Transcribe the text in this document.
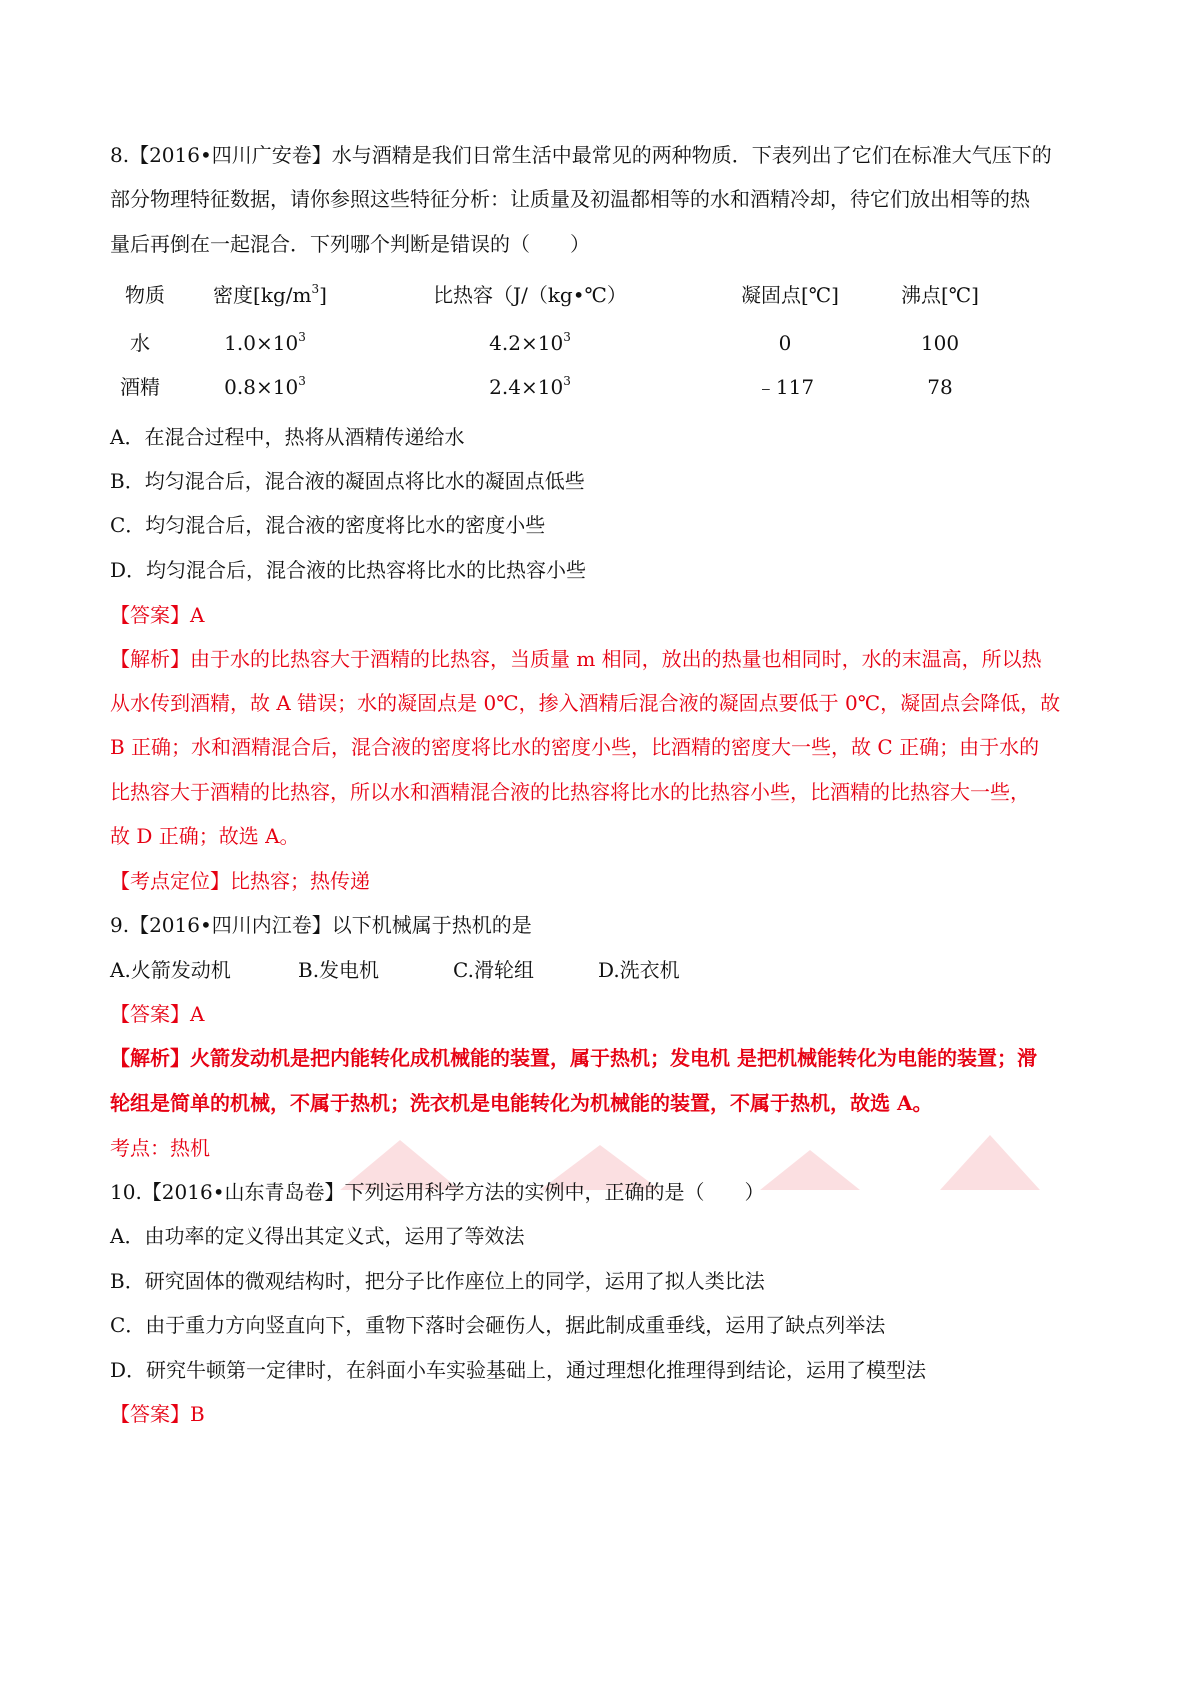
8.【2016•四川广安卷】水与酒精是我们日常生活中最常见的两种物质．下表列出了它们在标准大气压下的
部分物理特征数据，请你参照这些特征分析：让质量及初温都相等的水和酒精冷却，待它们放出相等的热
量后再倒在一起混合．下列哪个判断是错误的（　　）
物质	密度$[kg/m^3]$	比热容（J/（kg•℃）	凝固点[℃]	沸点[℃]
水	$1.0\times 10^3$	$4.2\times 10^3$	0	100
酒精	$0.8\times 10^3$	$2.4\times 10^3$	﹣117	78
A．在混合过程中，热将从酒精传递给水
B．均匀混合后，混合液的凝固点将比水的凝固点低些
C．均匀混合后，混合液的密度将比水的密度小些
D．均匀混合后，混合液的比热容将比水的比热容小些
【答案】A
【解析】由于水的比热容大于酒精的比热容，当质量 m 相同，放出的热量也相同时，水的末温高，所以热
从水传到酒精，故 A 错误；水的凝固点是 0℃，掺入酒精后混合液的凝固点要低于 0℃，凝固点会降低，故
B 正确；水和酒精混合后，混合液的密度将比水的密度小些，比酒精的密度大一些，故 C 正确；由于水的
比热容大于酒精的比热容，所以水和酒精混合液的比热容将比水的比热容小些，比酒精的比热容大一些，
故 D 正确；故选 A。
【考点定位】比热容；热传递
9.【2016•四川内江卷】以下机械属于热机的是
A.火箭发动机	B.发电机	C.滑轮组	D.洗衣机
【答案】A
【解析】火箭发动机是把内能转化成机械能的装置，属于热机；发电机 是把机械能转化为电能的装置；滑
轮组是简单的机械，不属于热机；洗衣机是电能转化为机械能的装置，不属于热机，故选 A。
考点：热机
10.【2016•山东青岛卷】下列运用科学方法的实例中，正确的是（　　）
A．由功率的定义得出其定义式，运用了等效法
B．研究固体的微观结构时，把分子比作座位上的同学，运用了拟人类比法
C．由于重力方向竖直向下，重物下落时会砸伤人，据此制成重垂线，运用了缺点列举法
D．研究牛顿第一定律时，在斜面小车实验基础上，通过理想化推理得到结论，运用了模型法
【答案】B
